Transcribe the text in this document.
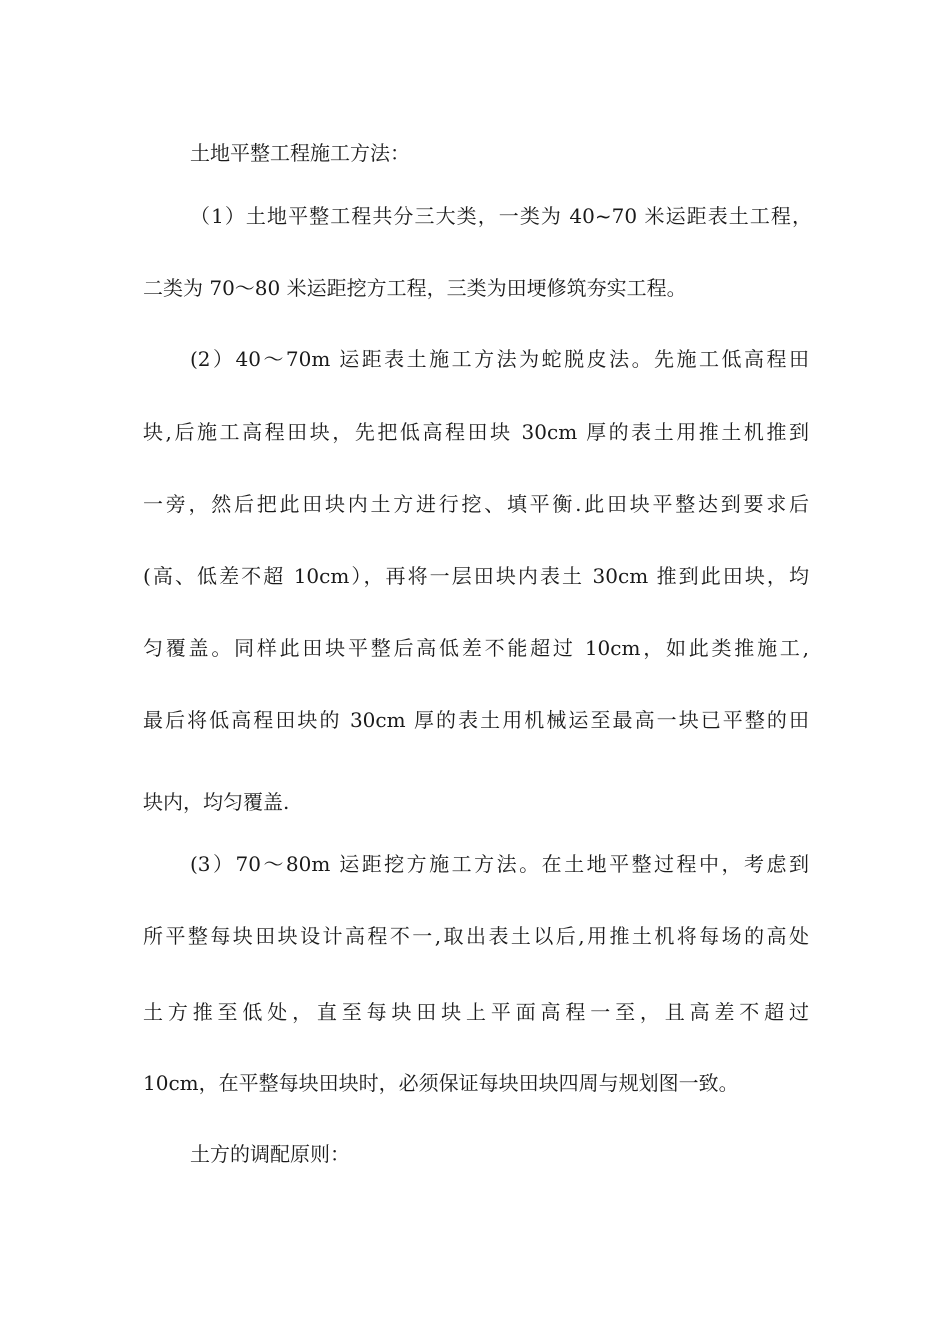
土地平整工程施工方法：
（1）土地平整工程共分三大类，一类为 40~70 米运距表土工程，
二类为 70～80 米运距挖方工程，三类为田埂修筑夯实工程。
(2）40～70m 运距表土施工方法为蛇脱皮法。先施工低高程田
块,后施工高程田块，先把低高程田块 30cm 厚的表土用推土机推到
一旁，然后把此田块内土方进行挖、填平衡.此田块平整达到要求后
(高、低差不超 10cm），再将一层田块内表土 30cm 推到此田块，均
匀覆盖。同样此田块平整后高低差不能超过 10cm，如此类推施工,
最后将低高程田块的 30cm 厚的表土用机械运至最高一块已平整的田
块内，均匀覆盖.
(3）70～80m 运距挖方施工方法。在土地平整过程中，考虑到
所平整每块田块设计高程不一,取出表土以后,用推土机将每场的高处
土方推至低处，直至每块田块上平面高程一至，且高差不超过
10cm，在平整每块田块时，必须保证每块田块四周与规划图一致。
土方的调配原则：
